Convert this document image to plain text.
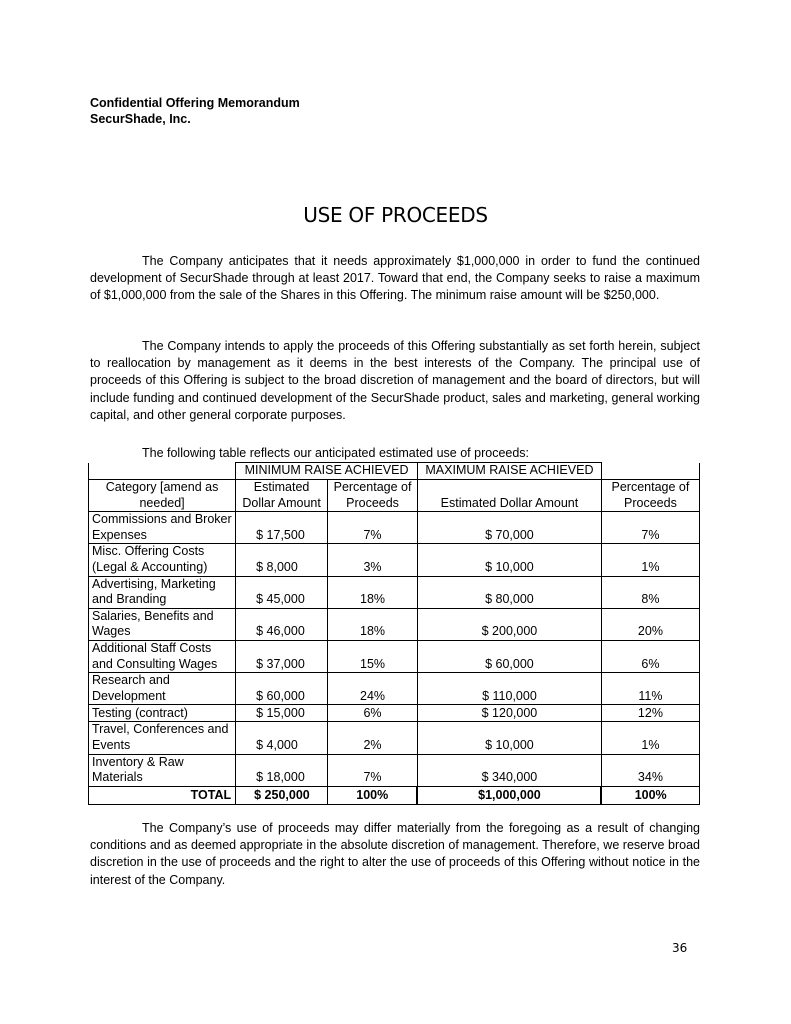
Confidential Offering Memorandum
SecurShade, Inc.
USE OF PROCEEDS

The Company anticipates that it needs approximately $1,000,000 in order to fund the continued development of SecurShade through at least 2017. Toward that end, the Company seeks to raise a maximum of $1,000,000 from the sale of the Shares in this Offering. The minimum raise amount will be $250,000.

The Company intends to apply the proceeds of this Offering substantially as set forth herein, subject to reallocation by management as it deems in the best interests of the Company. The principal use of proceeds of this Offering is subject to the broad discretion of management and the board of directors, but will include funding and continued development of the SecurShade product, sales and marketing, general working capital, and other general corporate purposes.

The following table reflects our anticipated estimated use of proceeds:
	MINIMUM RAISE ACHIEVED		MAXIMUM RAISE ACHIEVED	
Category [amend as needed]	Estimated Dollar Amount	Percentage of Proceeds	Estimated Dollar Amount	Percentage of Proceeds
Commissions and Broker Expenses	$ 17,500	7%	$ 70,000	7%
Misc. Offering Costs (Legal & Accounting)	$ 8,000	3%	$ 10,000	1%
Advertising, Marketing and Branding	$ 45,000	18%	$ 80,000	8%
Salaries, Benefits and Wages	$ 46,000	18%	$ 200,000	20%
Additional Staff Costs and Consulting Wages	$ 37,000	15%	$ 60,000	6%
Research and Development	$ 60,000	24%	$ 110,000	11%
Testing (contract)	$ 15,000	6%	$ 120,000	12%
Travel, Conferences and Events	$ 4,000	2%	$ 10,000	1%
Inventory & Raw Materials	$ 18,000	7%	$ 340,000	34%
TOTAL	$ 250,000	100%	$1,000,000	100%

The Company’s use of proceeds may differ materially from the foregoing as a result of changing conditions and as deemed appropriate in the absolute discretion of management. Therefore, we reserve broad discretion in the use of proceeds and the right to alter the use of proceeds of this Offering without notice in the interest of the Company.

36
